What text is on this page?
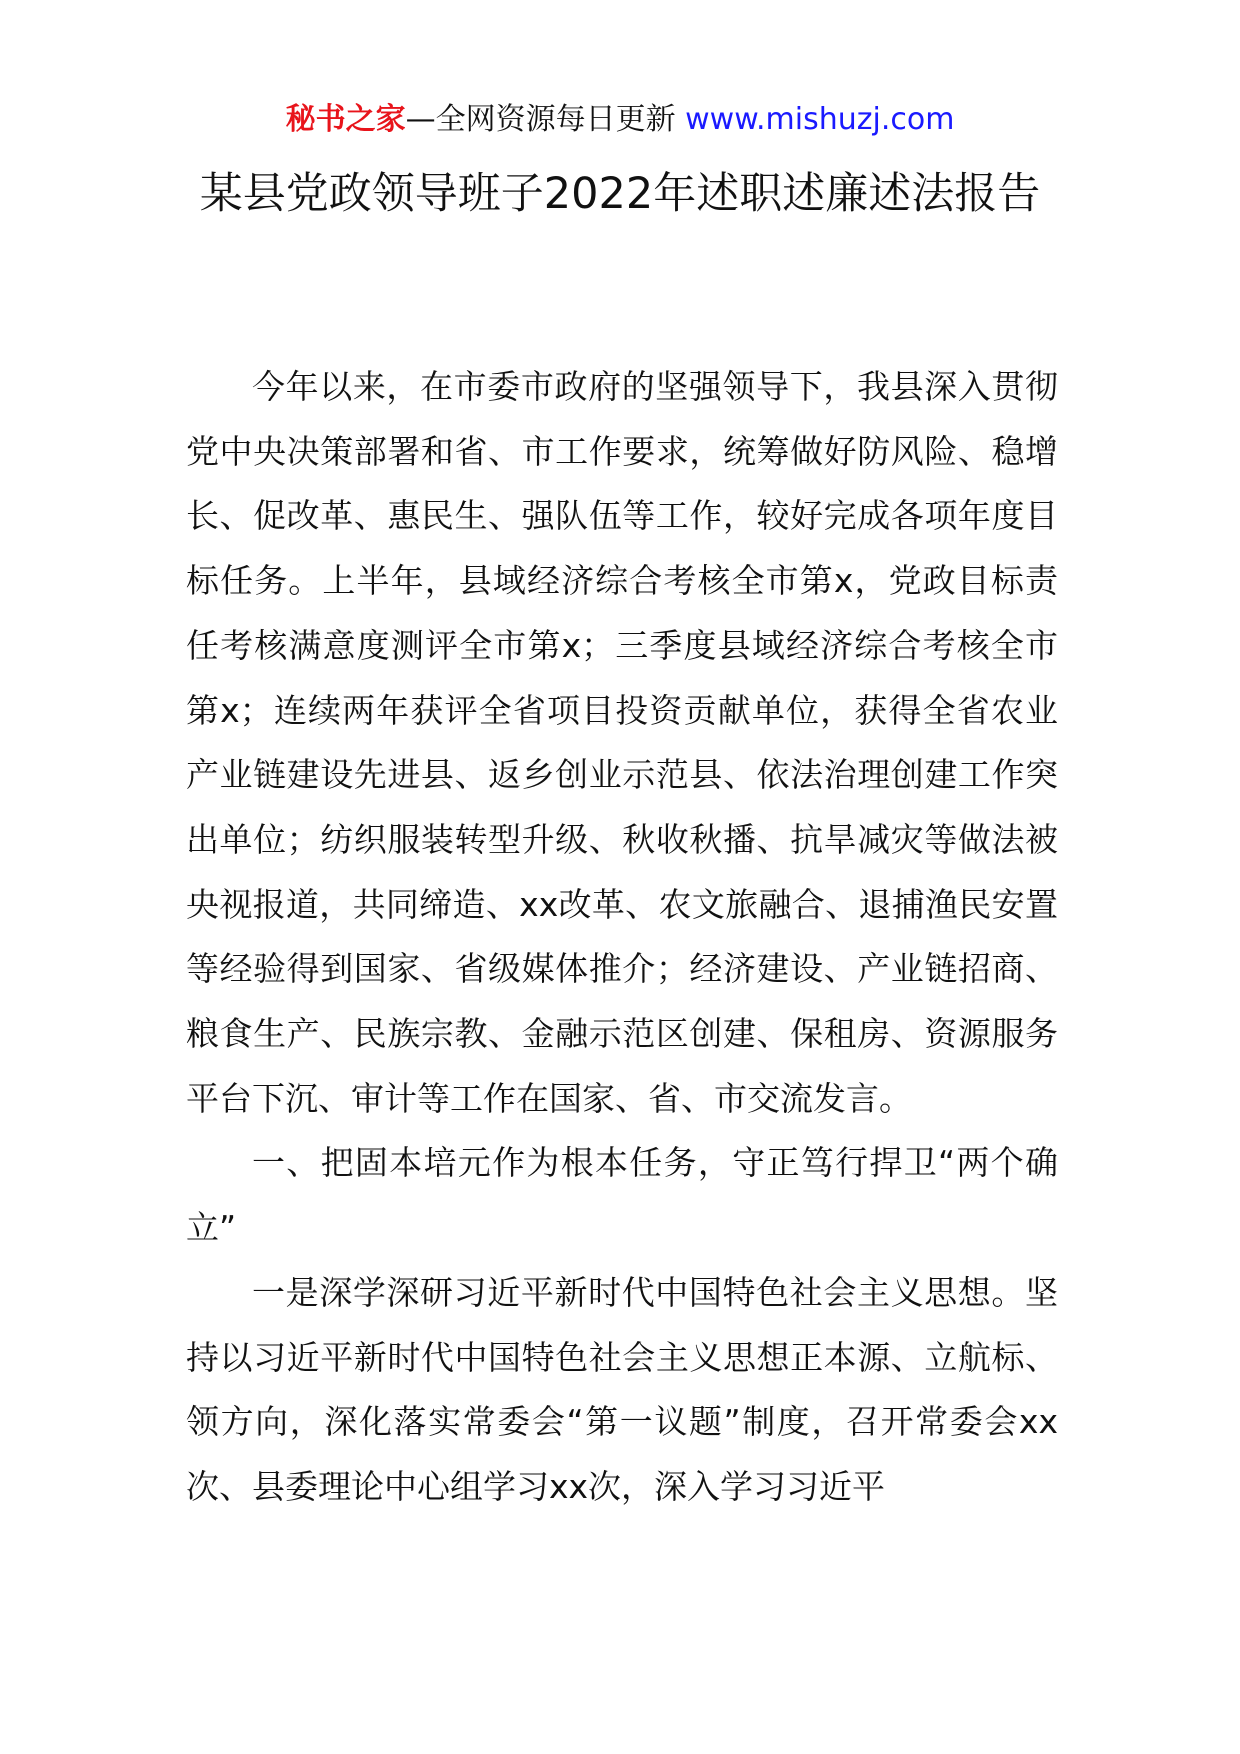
秘书之家—全网资源每日更新 www.mishuzj.com
某县党政领导班子2022年述职述廉述法报告

今年以来，在市委市政府的坚强领导下，我县深入贯彻党中央决策部署和省、市工作要求，统筹做好防风险、稳增长、促改革、惠民生、强队伍等工作，较好完成各项年度目标任务。上半年，县域经济综合考核全市第x，党政目标责任考核满意度测评全市第x；三季度县域经济综合考核全市第x；连续两年获评全省项目投资贡献单位，获得全省农业产业链建设先进县、返乡创业示范县、依法治理创建工作突出单位；纺织服装转型升级、秋收秋播、抗旱减灾等做法被央视报道，共同缔造、xx改革、农文旅融合、退捕渔民安置等经验得到国家、省级媒体推介；经济建设、产业链招商、粮食生产、民族宗教、金融示范区创建、保租房、资源服务平台下沉、审计等工作在国家、省、市交流发言。

一、把固本培元作为根本任务，守正笃行捍卫“两个确立”

一是深学深研习近平新时代中国特色社会主义思想。坚持以习近平新时代中国特色社会主义思想正本源、立航标、领方向，深化落实常委会“第一议题”制度，召开常委会xx次、县委理论中心组学习xx次，深入学习习近平
